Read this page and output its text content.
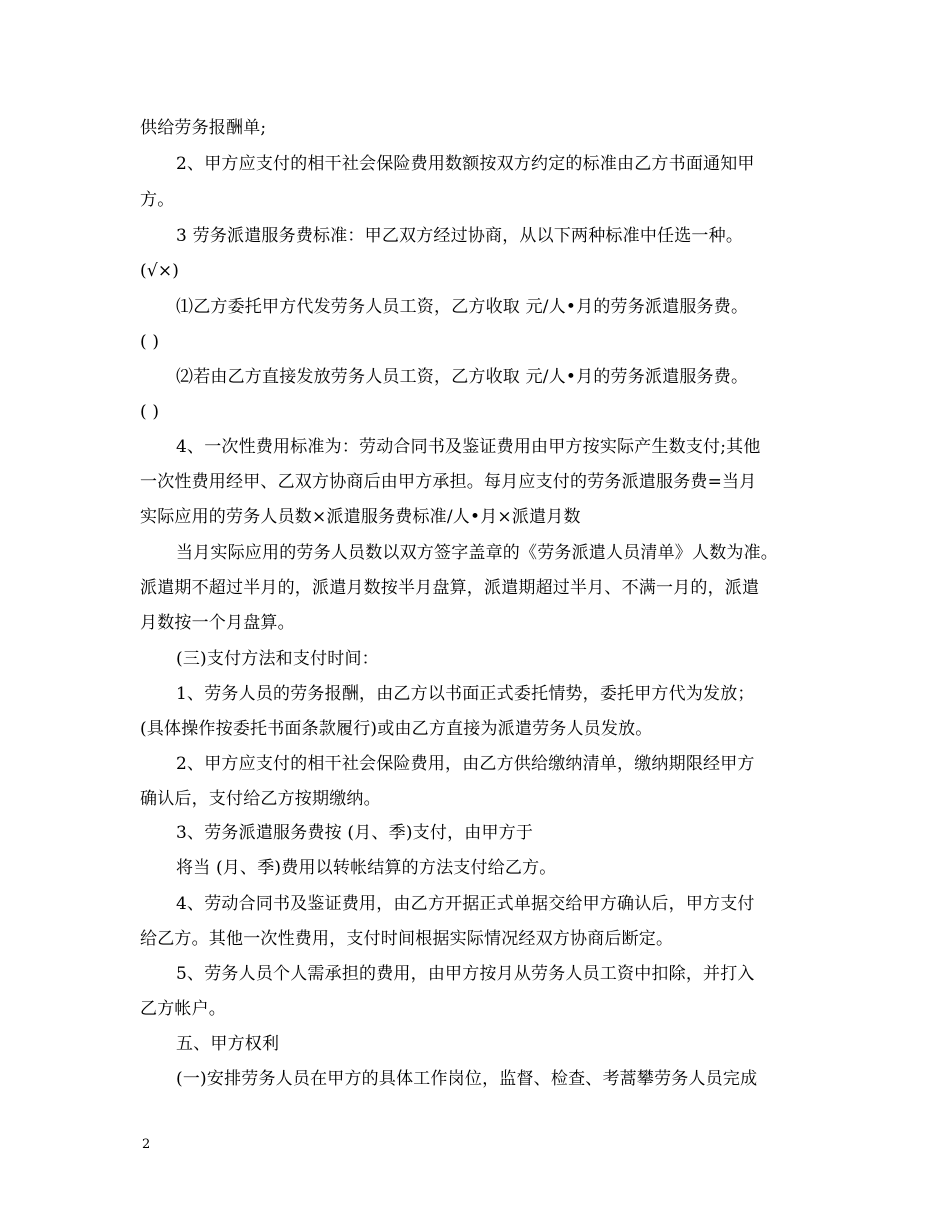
供给劳务报酬单;
2、甲方应支付的相干社会保险费用数额按双方约定的标准由乙方书面通知甲
方。
3 劳务派遣服务费标准：甲乙双方经过协商，从以下两种标准中任选一种。
(√×)
⑴乙方委托甲方代发劳务人员工资，乙方收取 元/人•月的劳务派遣服务费。
( )
⑵若由乙方直接发放劳务人员工资，乙方收取 元/人•月的劳务派遣服务费。
( )
4、一次性费用标准为：劳动合同书及鉴证费用由甲方按实际产生数支付;其他
一次性费用经甲、乙双方协商后由甲方承担。每月应支付的劳务派遣服务费=当月
实际应用的劳务人员数×派遣服务费标准/人•月×派遣月数
当月实际应用的劳务人员数以双方签字盖章的《劳务派遣人员清单》人数为准。
派遣期不超过半月的，派遣月数按半月盘算，派遣期超过半月、不满一月的，派遣
月数按一个月盘算。
(三)支付方法和支付时间：
1、劳务人员的劳务报酬，由乙方以书面正式委托情势，委托甲方代为发放；
(具体操作按委托书面条款履行)或由乙方直接为派遣劳务人员发放。
2、甲方应支付的相干社会保险费用，由乙方供给缴纳清单，缴纳期限经甲方
确认后，支付给乙方按期缴纳。
3、劳务派遣服务费按 (月、季)支付，由甲方于
将当 (月、季)费用以转帐结算的方法支付给乙方。
4、劳动合同书及鉴证费用，由乙方开据正式单据交给甲方确认后，甲方支付
给乙方。其他一次性费用，支付时间根据实际情况经双方协商后断定。
5、劳务人员个人需承担的费用，由甲方按月从劳务人员工资中扣除，并打入
乙方帐户。
五、甲方权利
(一)安排劳务人员在甲方的具体工作岗位，监督、检查、考蒿攀劳务人员完成
2
